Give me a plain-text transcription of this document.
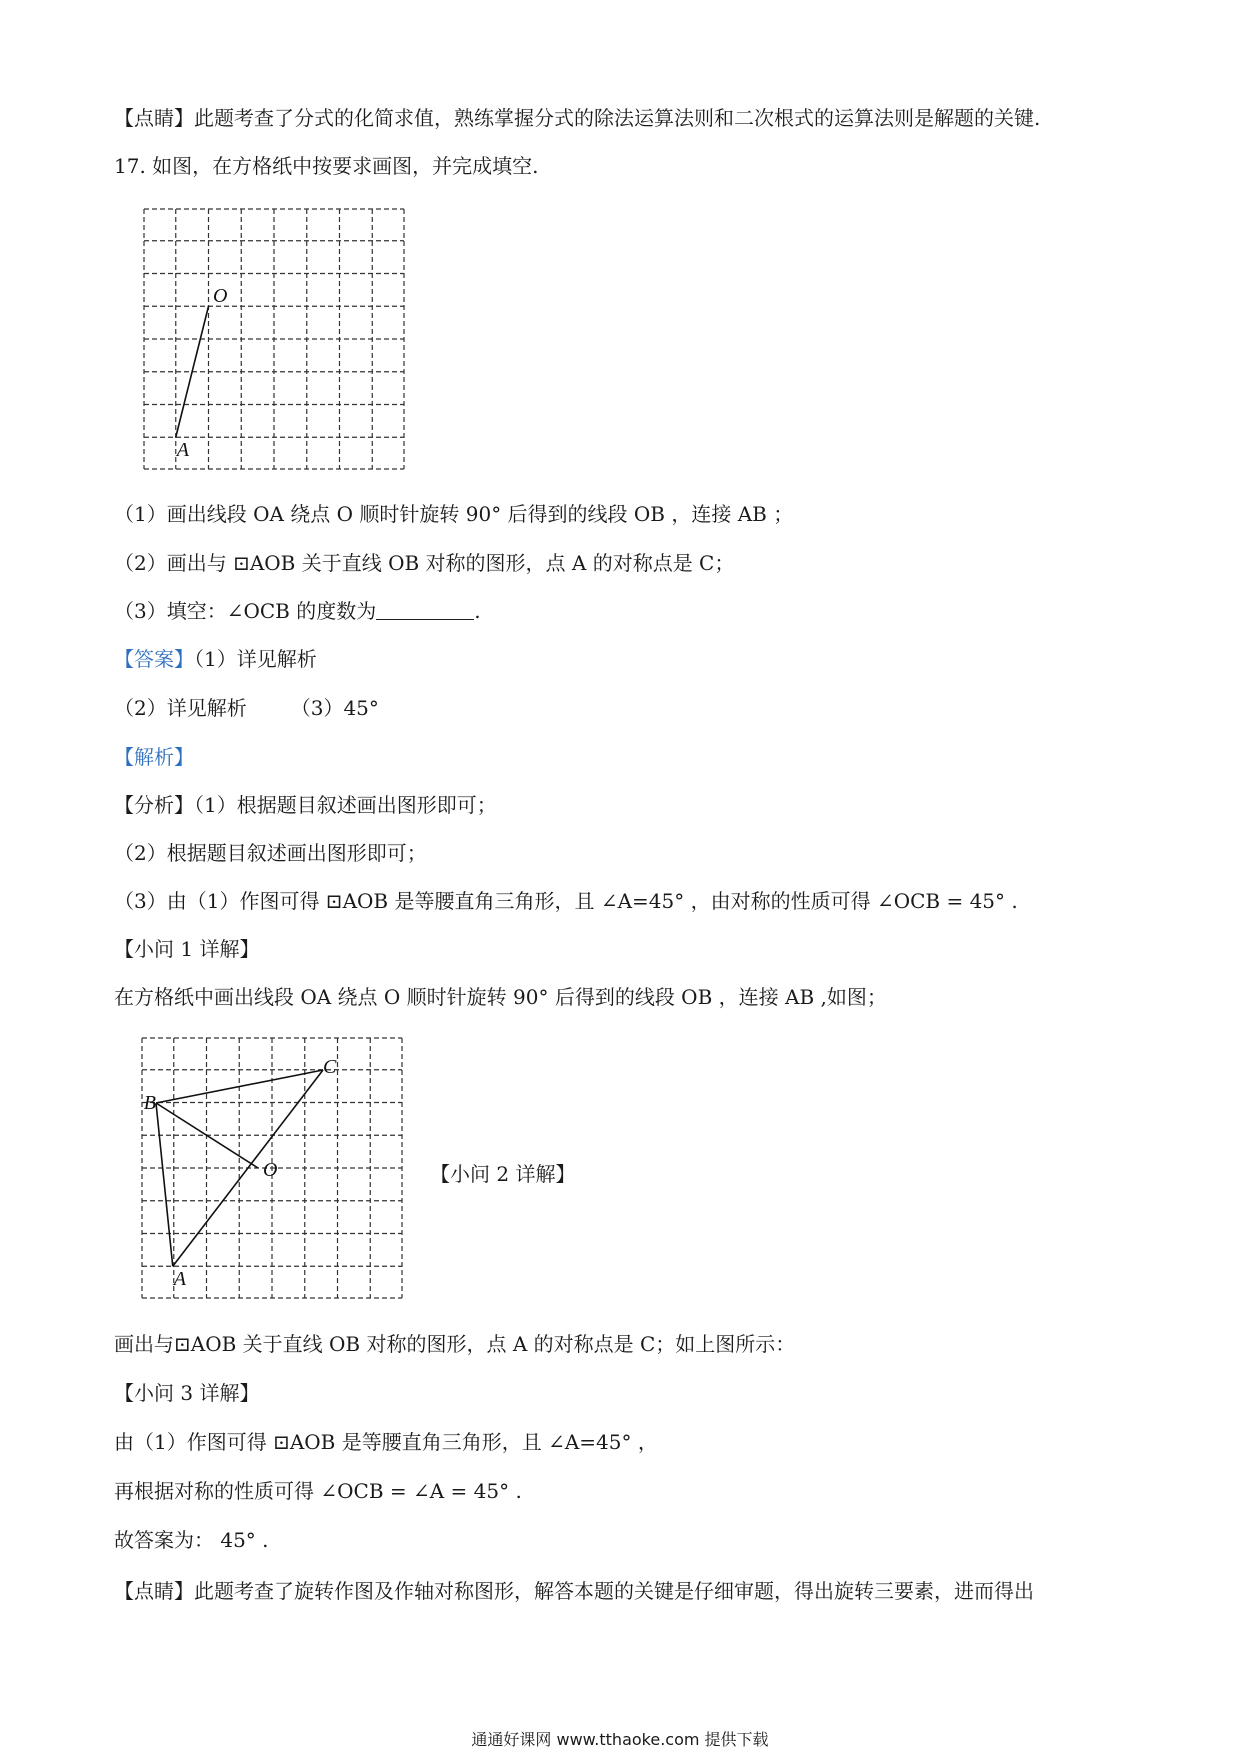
【点睛】此题考查了分式的化简求值，熟练掌握分式的除法运算法则和二次根式的运算法则是解题的关键.
17. 如图，在方格纸中按要求画图，并完成填空.
O
A
（1）画出线段 OA 绕点 O 顺时针旋转 90° 后得到的线段 OB ，连接 AB ；
（2）画出与 ⊡AOB 关于直线 OB 对称的图形，点 A 的对称点是 C；
（3）填空：∠OCB 的度数为	.
【答案】（1）详见解析
（2）详见解析 （3）45°
【解析】
【分析】（1）根据题目叙述画出图形即可；
（2）根据题目叙述画出图形即可；
（3）由（1）作图可得 ⊡AOB 是等腰直角三角形，且 ∠A=45° ，由对称的性质可得 ∠OCB = 45° .
【小问 1 详解】
在方格纸中画出线段 OA 绕点 O 顺时针旋转 90° 后得到的线段 OB ，连接 AB ,如图；
B
C
O
A
【小问 2 详解】
画出与⊡AOB 关于直线 OB 对称的图形，点 A 的对称点是 C；如上图所示：
【小问 3 详解】
由（1）作图可得 ⊡AOB 是等腰直角三角形，且 ∠A=45° ，
再根据对称的性质可得 ∠OCB = ∠A = 45° .
故答案为： 45° .
【点睛】此题考查了旋转作图及作轴对称图形，解答本题的关键是仔细审题，得出旋转三要素，进而得出
通通好课网 www.tthaoke.com 提供下载
